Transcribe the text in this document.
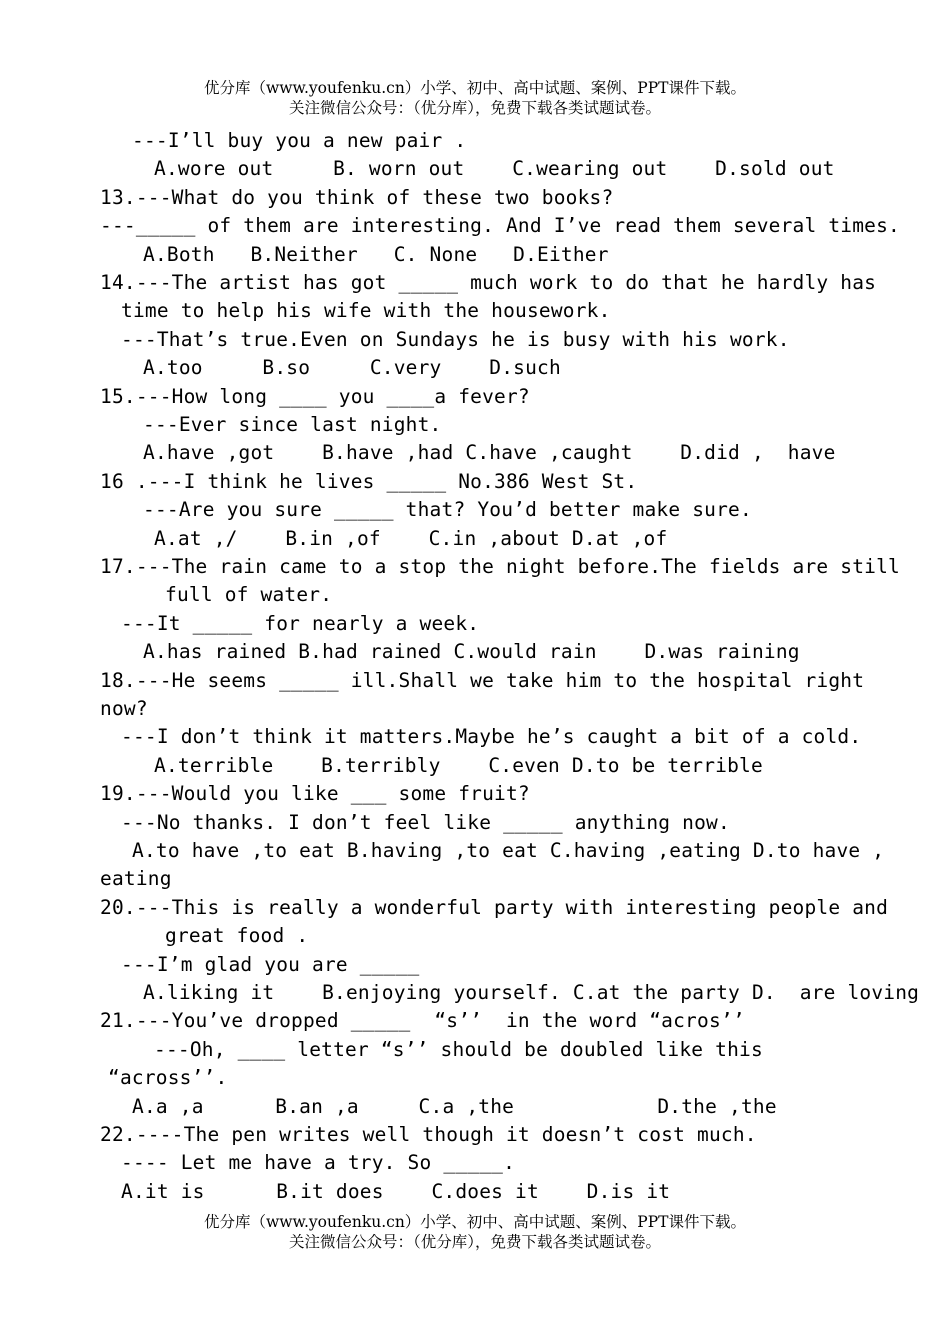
优分库（www.youfenku.cn）小学、初中、高中试题、案例、PPT课件下载。
关注微信公众号：（优分库），免费下载各类试题试卷。
---I’ll buy you a new pair .
A.wore out     B. worn out    C.wearing out    D.sold out
13.---What do you think of these two books?
---_____ of them are interesting. And I’ve read them several times.
A.Both   B.Neither   C. None   D.Either
14.---The artist has got _____ much work to do that he hardly has
time to help his wife with the housework.
---That’s true.Even on Sundays he is busy with his work.
A.too     B.so     C.very    D.such
15.---How long ____ you ____a fever?
---Ever since last night.
A.have ,got    B.have ,had C.have ,caught    D.did ,  have
16 .---I think he lives _____ No.386 West St.
---Are you sure _____ that? You’d better make sure.
A.at ,/    B.in ,of    C.in ,about D.at ,of
17.---The rain came to a stop the night before.The fields are still
full of water.
---It _____ for nearly a week.
A.has rained B.had rained C.would rain    D.was raining
18.---He seems _____ ill.Shall we take him to the hospital right
now?
---I don’t think it matters.Maybe he’s caught a bit of a cold.
A.terrible    B.terribly    C.even D.to be terrible
19.---Would you like ___ some fruit?
---No thanks. I don’t feel like _____ anything now.
A.to have ,to eat B.having ,to eat C.having ,eating D.to have ,
eating
20.---This is really a wonderful party with interesting people and
great food .
---I’m glad you are _____
A.liking it    B.enjoying yourself. C.at the party D.  are loving
21.---You’ve dropped _____  “s’’  in the word “acros’’
---Oh, ____ letter “s’’ should be doubled like this
“across’’.
A.a ,a      B.an ,a     C.a ,the            D.the ,the
22.----The pen writes well though it doesn’t cost much.
---- Let me have a try. So _____.
A.it is      B.it does    C.does it    D.is it
优分库（www.youfenku.cn）小学、初中、高中试题、案例、PPT课件下载。
关注微信公众号：（优分库），免费下载各类试题试卷。
